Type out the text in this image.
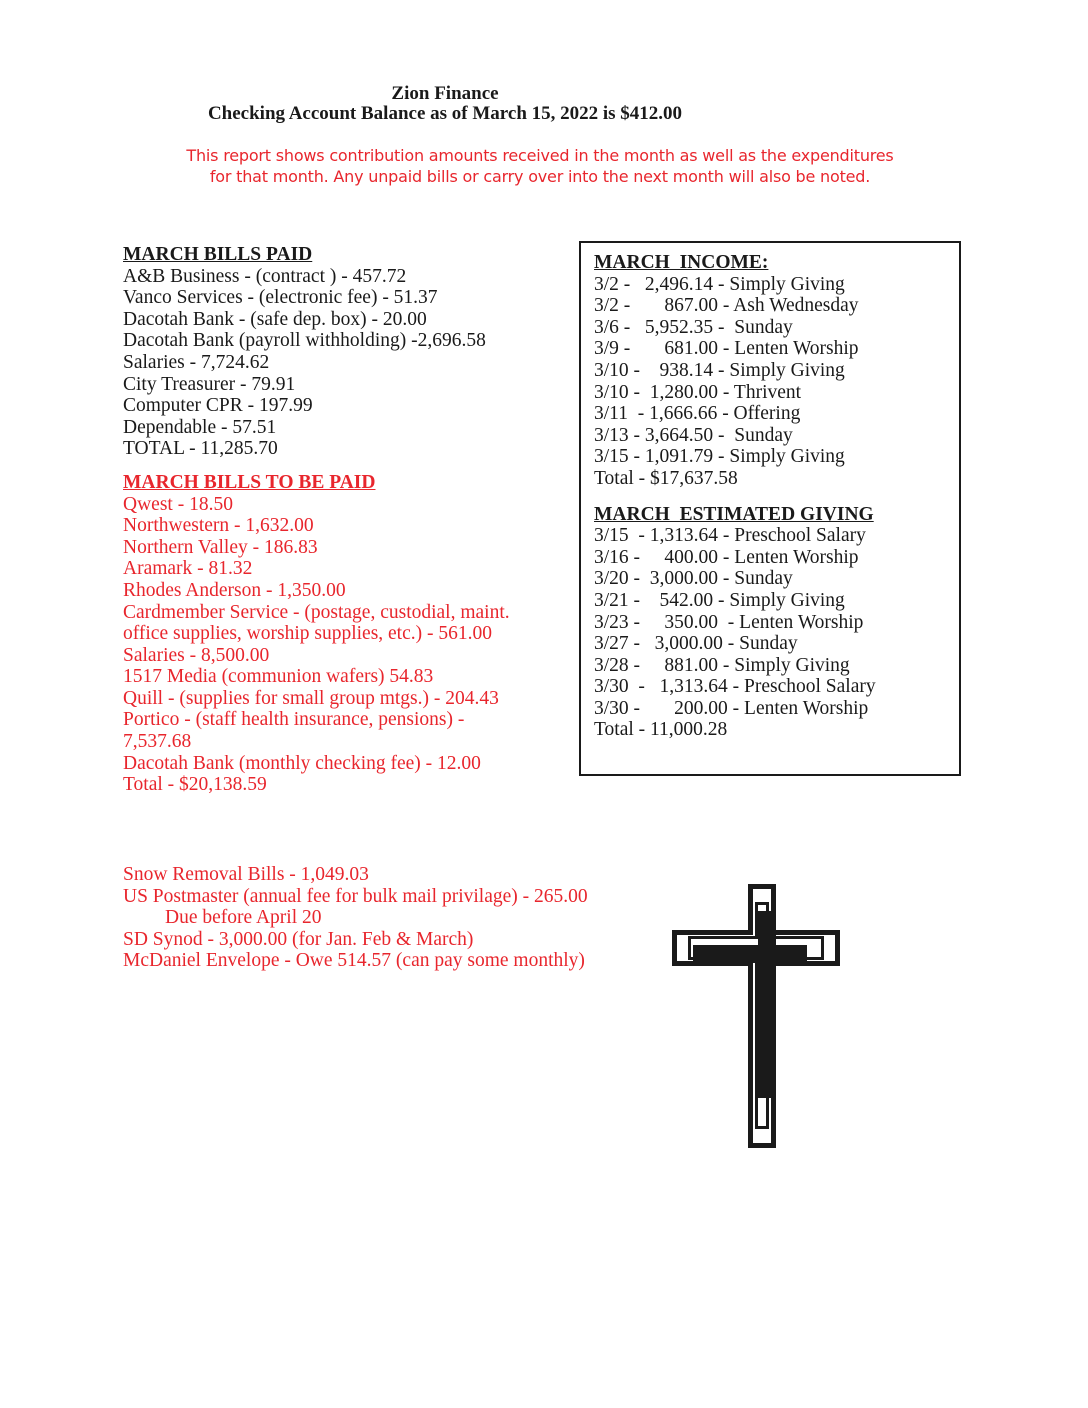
Zion Finance
Checking Account Balance as of March 15, 2022 is $412.00
This report shows contribution amounts received in the month as well as the expenditures
for that month. Any unpaid bills or carry over into the next month will also be noted.
MARCH BILLS PAID
A&B Business - (contract ) - 457.72
Vanco Services - (electronic fee) - 51.37
Dacotah Bank - (safe dep. box) - 20.00
Dacotah Bank (payroll withholding) -2,696.58
Salaries - 7,724.62
City Treasurer - 79.91
Computer CPR - 197.99
Dependable - 57.51
TOTAL - 11,285.70
MARCH BILLS TO BE PAID
Qwest - 18.50
Northwestern - 1,632.00
Northern Valley - 186.83
Aramark - 81.32
Rhodes Anderson - 1,350.00
Cardmember Service - (postage, custodial, maint.
office supplies, worship supplies, etc.) - 561.00
Salaries - 8,500.00
1517 Media (communion wafers) 54.83
Quill - (supplies for small group mtgs.) - 204.43
Portico - (staff health insurance, pensions) -
7,537.68
Dacotah Bank (monthly checking fee) - 12.00
Total - $20,138.59
MARCH  INCOME:
3/2 -   2,496.14 - Simply Giving
3/2 -       867.00 - Ash Wednesday
3/6 -   5,952.35 -  Sunday
3/9 -       681.00 - Lenten Worship
3/10 -    938.14 - Simply Giving
3/10 -  1,280.00 - Thrivent
3/11  - 1,666.66 - Offering
3/13 - 3,664.50 -  Sunday
3/15 - 1,091.79 - Simply Giving
Total - $17,637.58
MARCH  ESTIMATED GIVING
3/15  - 1,313.64 - Preschool Salary
3/16 -     400.00 - Lenten Worship
3/20 -  3,000.00 - Sunday
3/21 -    542.00 - Simply Giving
3/23 -     350.00  - Lenten Worship
3/27 -   3,000.00 - Sunday
3/28 -     881.00 - Simply Giving
3/30  -   1,313.64 - Preschool Salary
3/30 -       200.00 - Lenten Worship
Total - 11,000.28
Snow Removal Bills - 1,049.03
US Postmaster (annual fee for bulk mail privilage) - 265.00
Due before April 20
SD Synod - 3,000.00 (for Jan. Feb & March)
McDaniel Envelope - Owe 514.57 (can pay some monthly)
